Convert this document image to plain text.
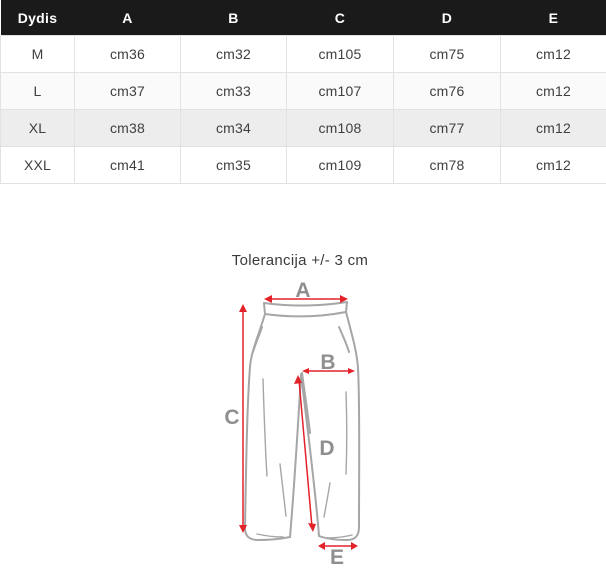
Dydis	A	B	C	D	E
M	cm36	cm32	cm105	cm75	cm12
L	cm37	cm33	cm107	cm76	cm12
XL	cm38	cm34	cm108	cm77	cm12
XXL	cm41	cm35	cm109	cm78	cm12
Tolerancija +/- 3 cm
A
B
C
D
E
